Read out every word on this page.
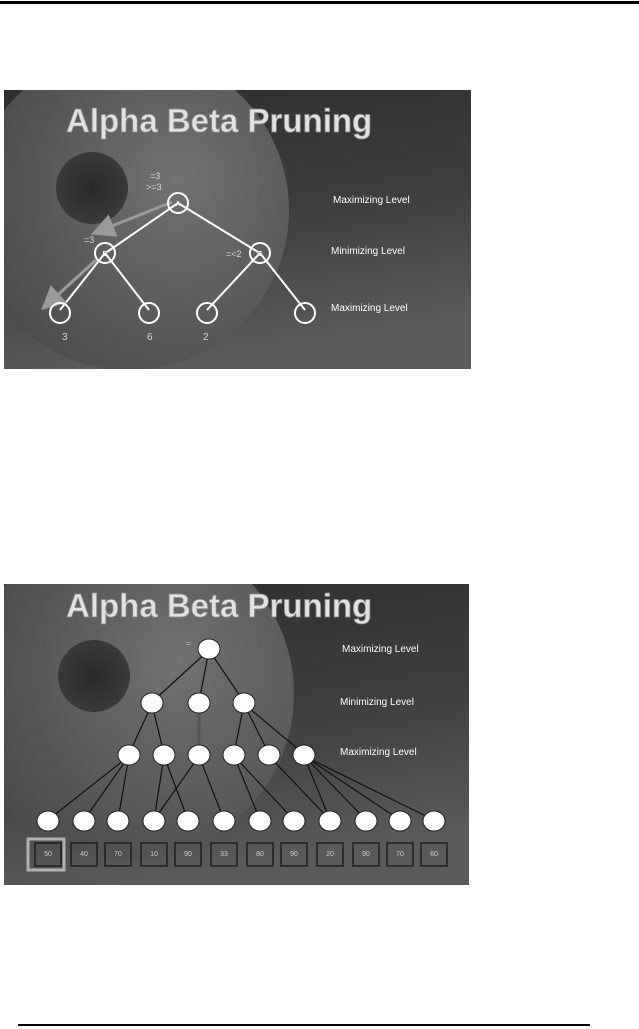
Alpha Beta Pruning
A
B	C
=3
>=3
=3
=<2
3	6	2
Maximizing Level
Minimizing Level
Maximizing Level
Alpha Beta Pruning
=
50	40	70	10	90	33	80	90	20	90	70	60
Maximizing Level
Minimizing Level
Maximizing Level
